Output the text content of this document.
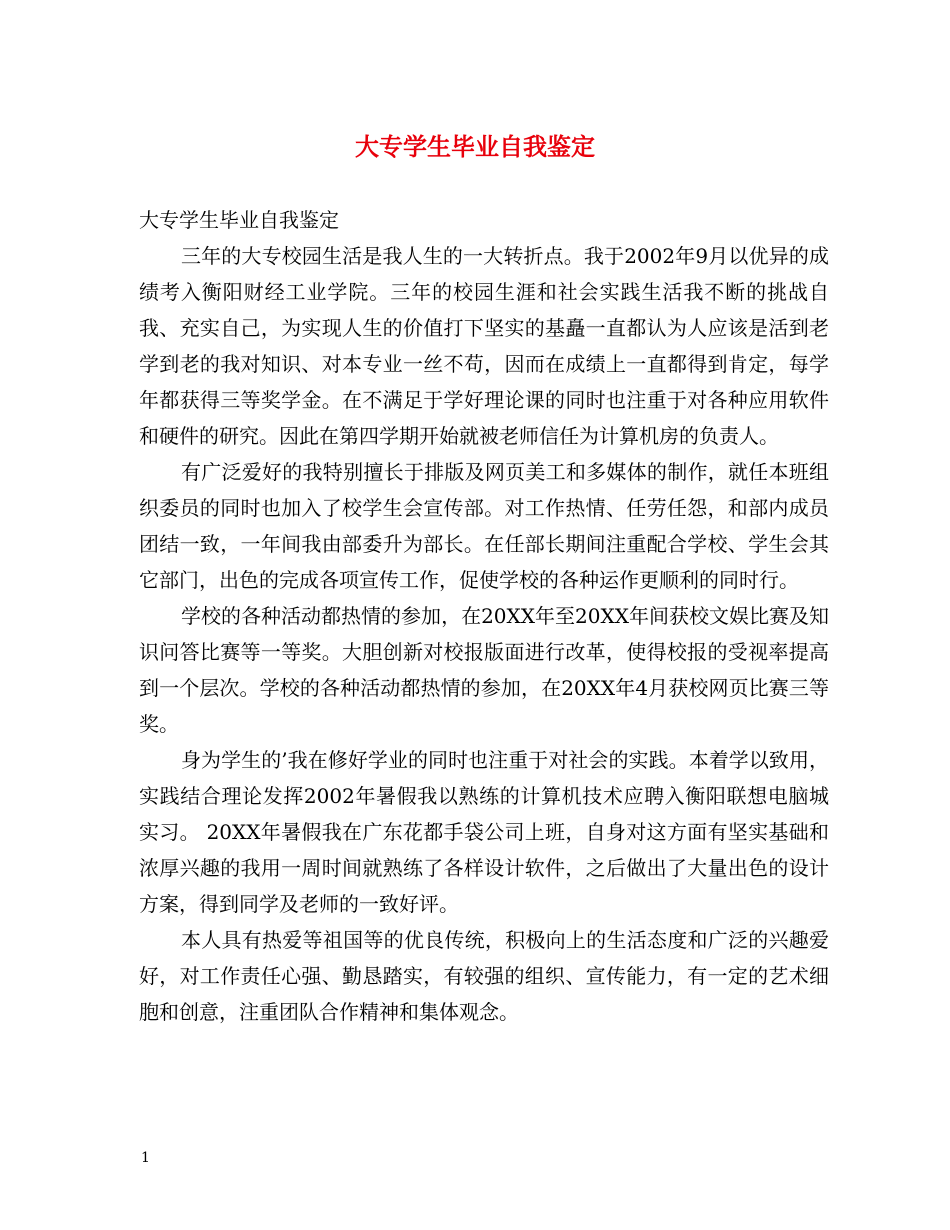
大专学生毕业自我鉴定

大专学生毕业自我鉴定

三年的大专校园生活是我人生的一大转折点。我于2002年9月以优异的成绩考入衡阳财经工业学院。三年的校园生涯和社会实践生活我不断的挑战自我、充实自己，为实现人生的价值打下坚实的基矗一直都认为人应该是活到老学到老的我对知识、对本专业一丝不苟，因而在成绩上一直都得到肯定，每学年都获得三等奖学金。在不满足于学好理论课的同时也注重于对各种应用软件和硬件的研究。因此在第四学期开始就被老师信任为计算机房的负责人。

有广泛爱好的我特别擅长于排版及网页美工和多媒体的制作，就任本班组织委员的同时也加入了校学生会宣传部。对工作热情、任劳任怨，和部内成员团结一致，一年间我由部委升为部长。在任部长期间注重配合学校、学生会其它部门，出色的完成各项宣传工作，促使学校的各种运作更顺利的同时行。

学校的各种活动都热情的参加，在20XX年至20XX年间获校文娱比赛及知识问答比赛等一等奖。大胆创新对校报版面进行改革，使得校报的受视率提高到一个层次。学校的各种活动都热情的参加，在20XX年4月获校网页比赛三等奖。

身为学生的’我在修好学业的同时也注重于对社会的实践。本着学以致用，实践结合理论发挥2002年暑假我以熟练的计算机技术应聘入衡阳联想电脑城实习。 20XX年暑假我在广东花都手袋公司上班，自身对这方面有坚实基础和浓厚兴趣的我用一周时间就熟练了各样设计软件，之后做出了大量出色的设计方案，得到同学及老师的一致好评。

本人具有热爱等祖国等的优良传统，积极向上的生活态度和广泛的兴趣爱好，对工作责任心强、勤恳踏实，有较强的组织、宣传能力，有一定的艺术细胞和创意，注重团队合作精神和集体观念。

1
